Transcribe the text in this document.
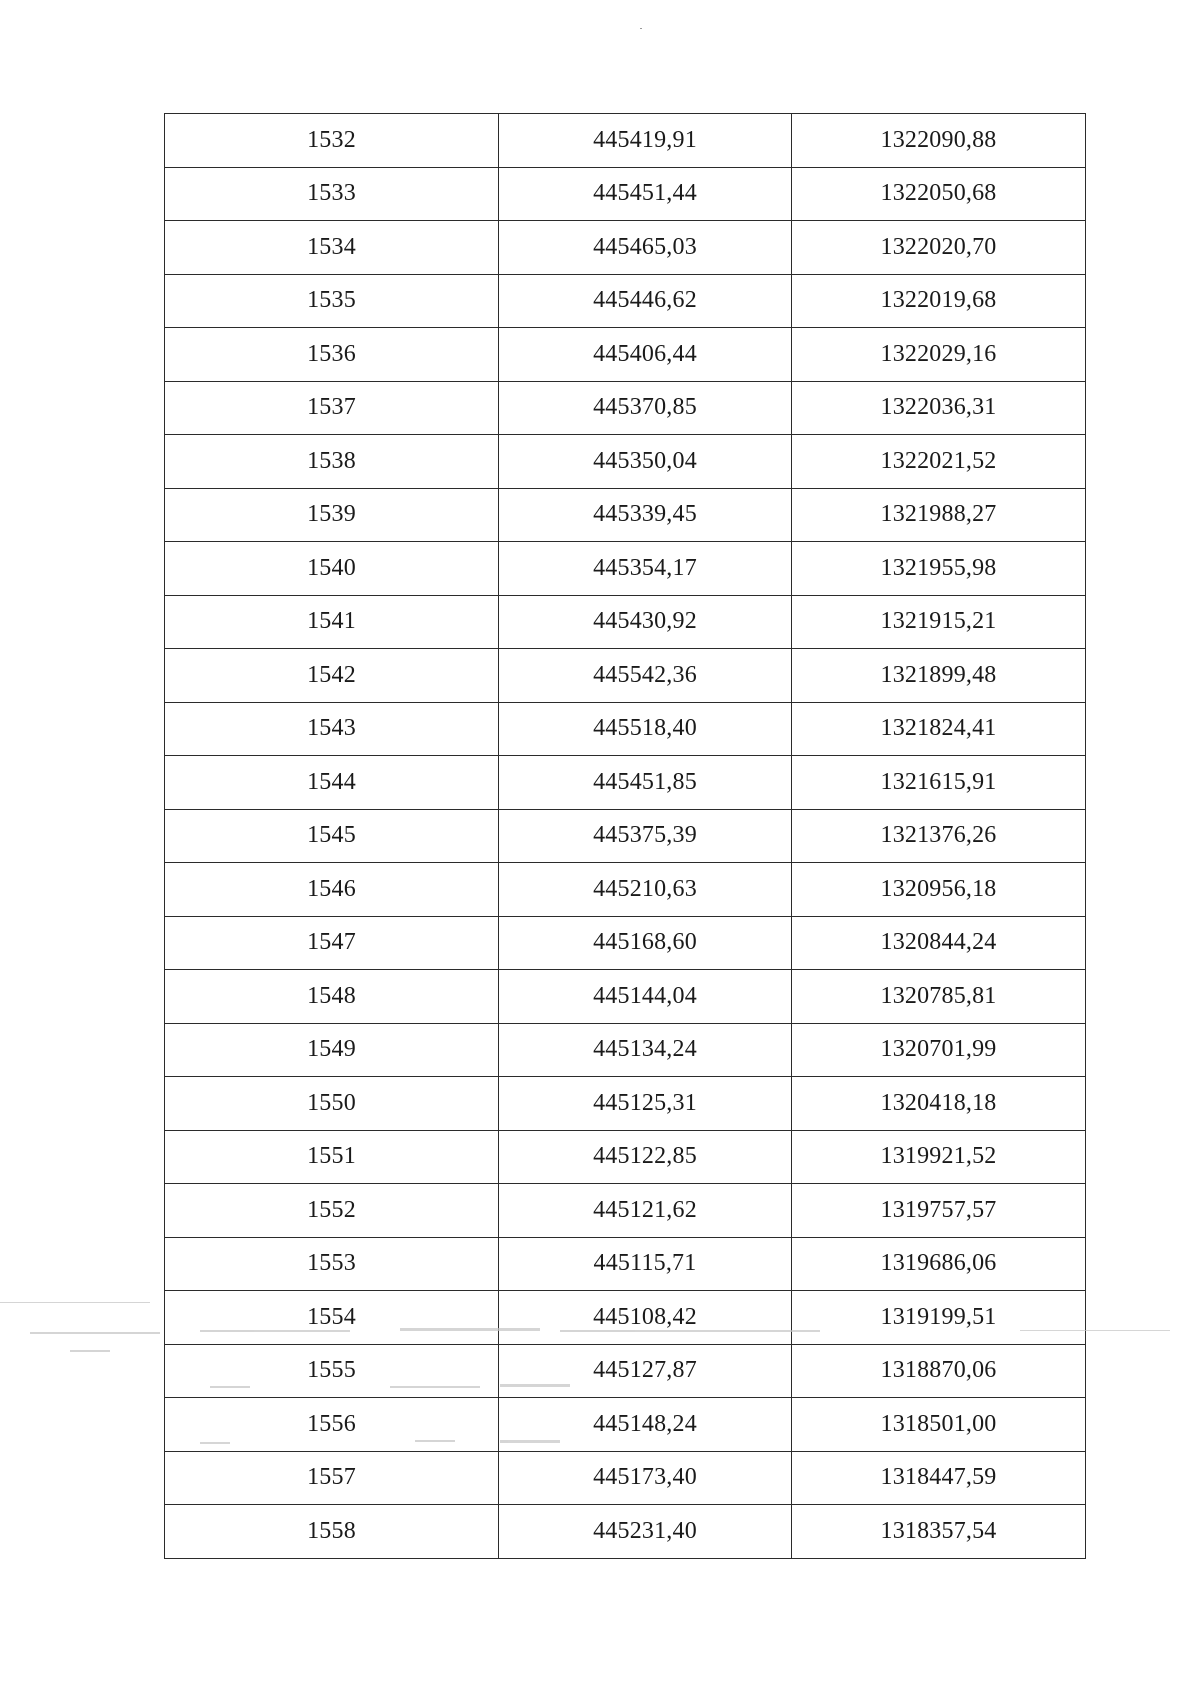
1532	445419,91	1322090,88
1533	445451,44	1322050,68
1534	445465,03	1322020,70
1535	445446,62	1322019,68
1536	445406,44	1322029,16
1537	445370,85	1322036,31
1538	445350,04	1322021,52
1539	445339,45	1321988,27
1540	445354,17	1321955,98
1541	445430,92	1321915,21
1542	445542,36	1321899,48
1543	445518,40	1321824,41
1544	445451,85	1321615,91
1545	445375,39	1321376,26
1546	445210,63	1320956,18
1547	445168,60	1320844,24
1548	445144,04	1320785,81
1549	445134,24	1320701,99
1550	445125,31	1320418,18
1551	445122,85	1319921,52
1552	445121,62	1319757,57
1553	445115,71	1319686,06
1554	445108,42	1319199,51
1555	445127,87	1318870,06
1556	445148,24	1318501,00
1557	445173,40	1318447,59
1558	445231,40	1318357,54
